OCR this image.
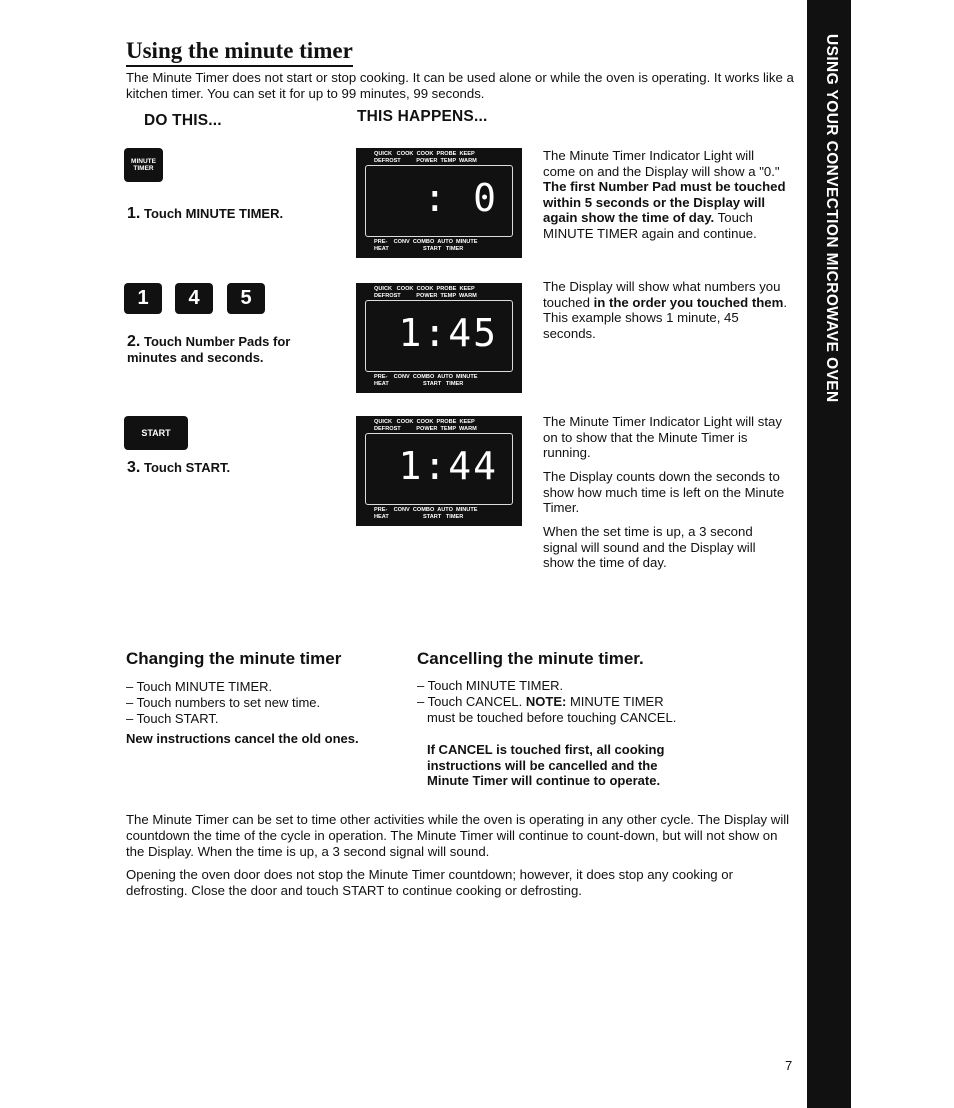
Using the minute timer
The Minute Timer does not start or stop cooking. It can be used alone or while the oven is operating. It works like a kitchen timer. You can set it for up to 99 minutes, 99 seconds.
DO THIS...	THIS HAPPENS...	USING YOUR CONVECTION MICROWAVE OVEN
MINUTE
TIMER
1. Touch MINUTE TIMER.
QUICK   COOK  COOK  PROBE  KEEP
DEFROST          POWER  TEMP  WARM
: 0
PRE-    CONV  COMBO  AUTO  MINUTE
HEAT                      START   TIMER
The Minute Timer Indicator Light will come on and the Display will show a "0." The first Number Pad must be touched within 5 seconds or the Display will again show the time of day. Touch MINUTE TIMER again and continue.
1	4	5
2. Touch Number Pads for minutes and seconds.
QUICK   COOK  COOK  PROBE  KEEP
DEFROST          POWER  TEMP  WARM
1:45
PRE-    CONV  COMBO  AUTO  MINUTE
HEAT                      START   TIMER
The Display will show what numbers you touched in the order you touched them. This example shows 1 minute, 45 seconds.
START
3. Touch START.
QUICK   COOK  COOK  PROBE  KEEP
DEFROST          POWER  TEMP  WARM
1:44
PRE-    CONV  COMBO  AUTO  MINUTE
HEAT                      START   TIMER
The Minute Timer Indicator Light will stay on to show that the Minute Timer is running.
The Display counts down the seconds to show how much time is left on the Minute Timer.
When the set time is up, a 3 second signal will sound and the Display will show the time of day.
Changing the minute timer
– Touch MINUTE TIMER.
– Touch numbers to set new time.
– Touch START.
New instructions cancel the old ones.
Cancelling the minute timer.
– Touch MINUTE TIMER.
– Touch CANCEL. NOTE: MINUTE TIMER must be touched before touching CANCEL.
If CANCEL is touched first, all cooking instructions will be cancelled and the Minute Timer will continue to operate.
The Minute Timer can be set to time other activities while the oven is operating in any other cycle. The Display will countdown the time of the cycle in operation. The Minute Timer will continue to count-down, but will not show on the Display. When the time is up, a 3 second signal will sound.
Opening the oven door does not stop the Minute Timer countdown; however, it does stop any cooking or defrosting. Close the door and touch START to continue cooking or defrosting.
7
